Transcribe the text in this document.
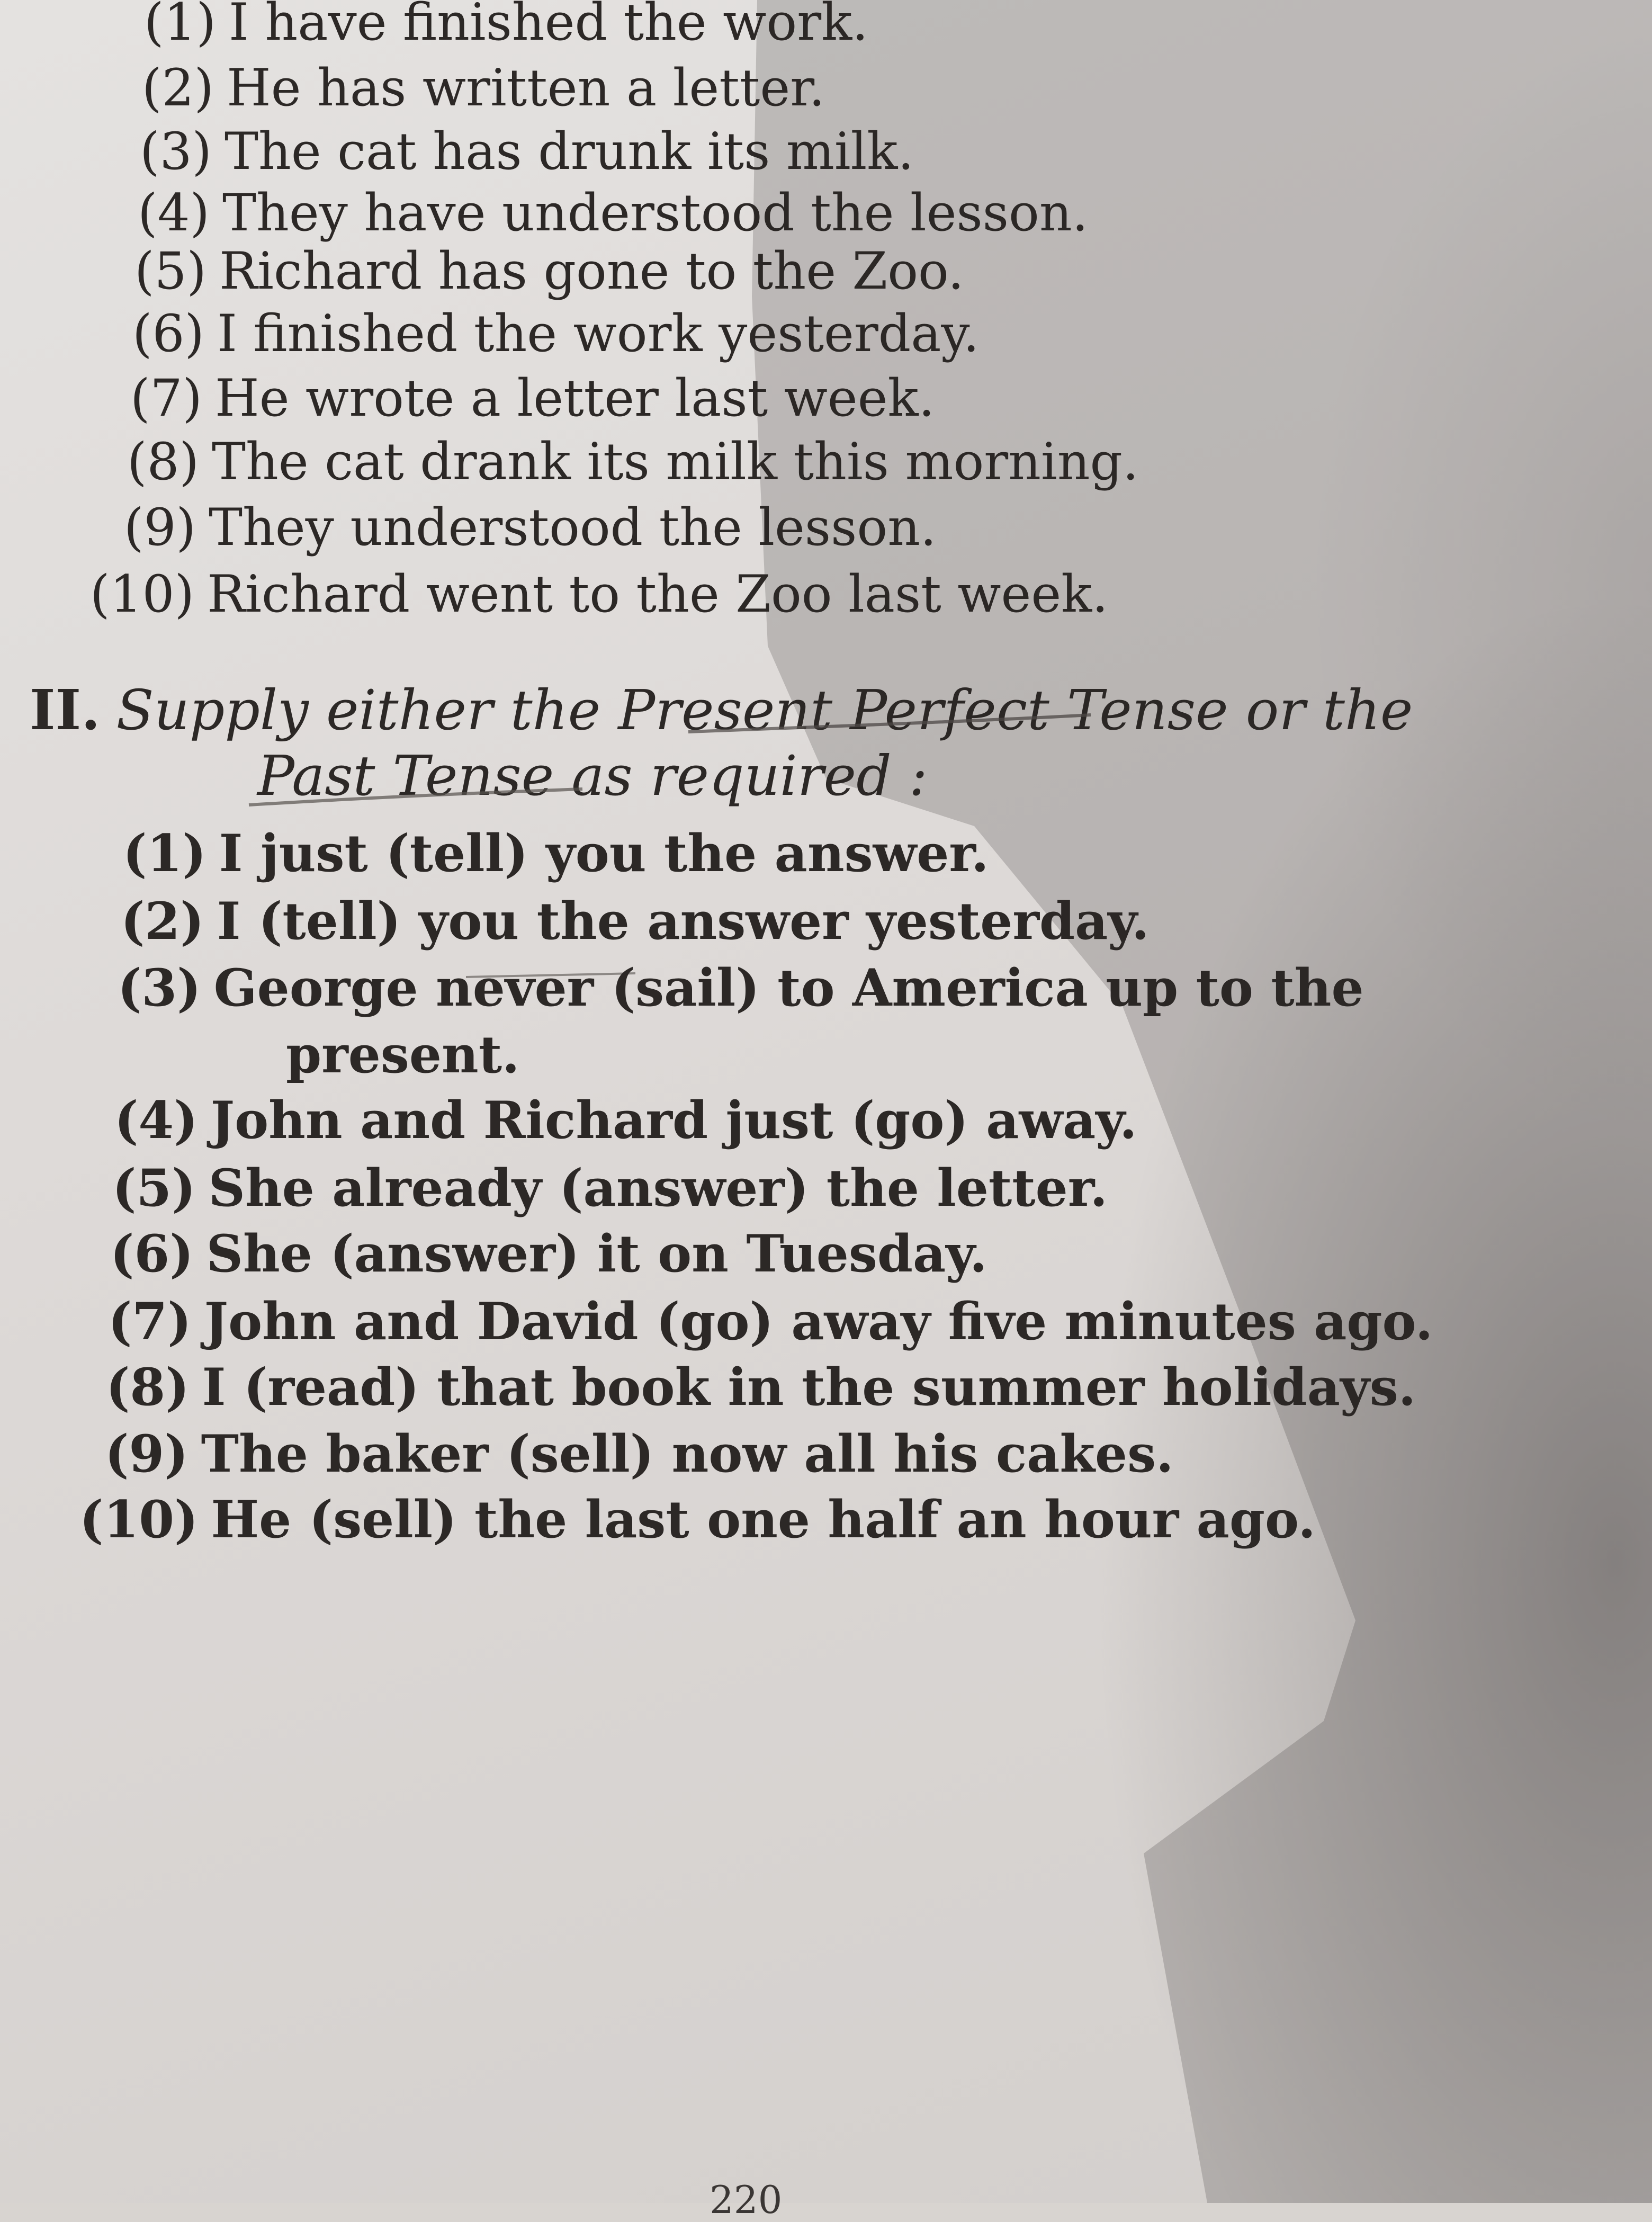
(1) I have finished the work.
(2) He has written a letter.
(3) The cat has drunk its milk.
(4) They have understood the lesson.
(5) Richard has gone to the Zoo.
(6) I finished the work yesterday.
(7) He wrote a letter last week.
(8) The cat drank its milk this morning.
(9) They understood the lesson.
(10) Richard went to the Zoo last week.
II. Supply either the Present Perfect Tense or the
Past Tense as required :
(1) I just (tell) you the answer.
(2) I (tell) you the answer yesterday.
(3) George never (sail) to America up to the
present.
(4) John and Richard just (go) away.
(5) She already (answer) the letter.
(6) She (answer) it on Tuesday.
(7) John and David (go) away five minutes ago.
(8) I (read) that book in the summer holidays.
(9) The baker (sell) now all his cakes.
(10) He (sell) the last one half an hour ago.
220
